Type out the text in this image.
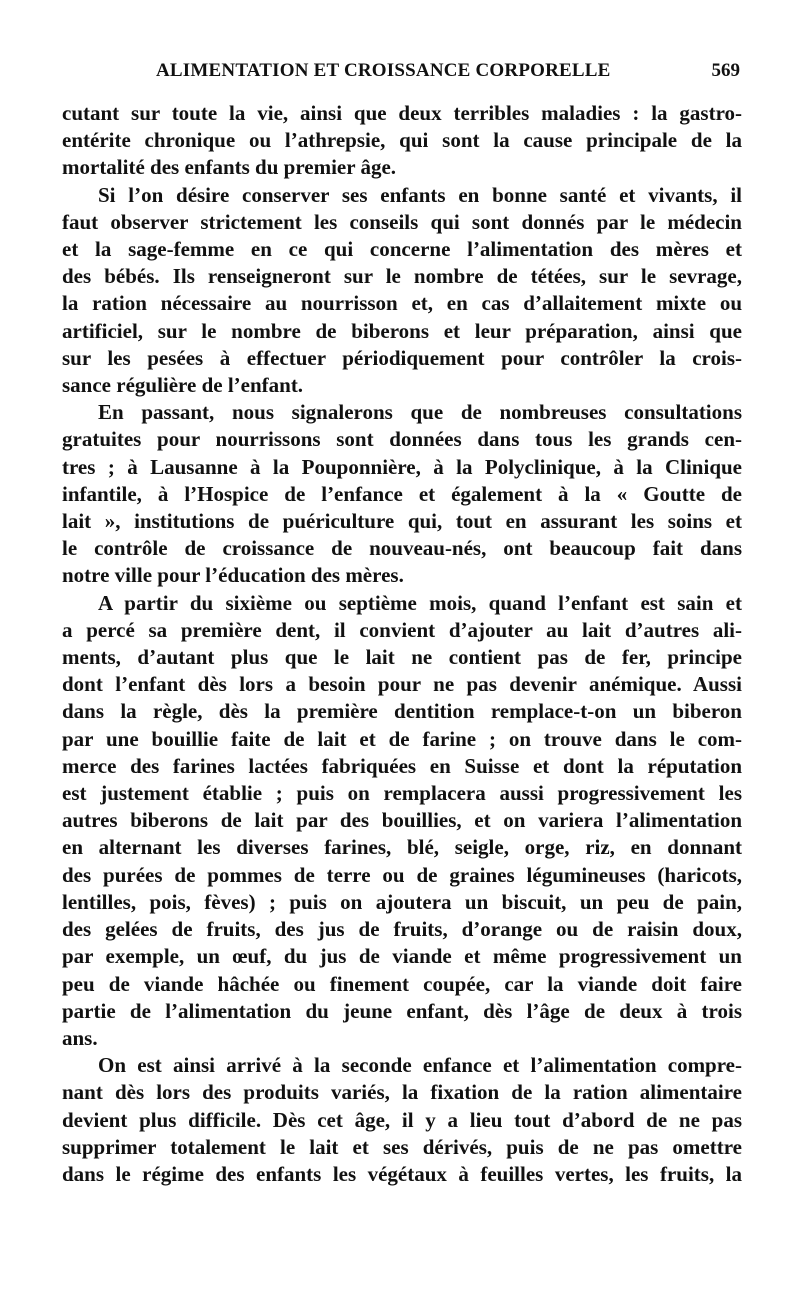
ALIMENTATION ET CROISSANCE CORPORELLE	569
cutant sur toute la vie, ainsi que deux terribles maladies : la gastro-
entérite chronique ou l’athrepsie, qui sont la cause principale de la
mortalité des enfants du premier âge.
Si l’on désire conserver ses enfants en bonne santé et vivants, il
faut observer strictement les conseils qui sont donnés par le médecin
et la sage-femme en ce qui concerne l’alimentation des mères et
des bébés. Ils renseigneront sur le nombre de tétées, sur le sevrage,
la ration nécessaire au nourrisson et, en cas d’allaitement mixte ou
artificiel, sur le nombre de biberons et leur préparation, ainsi que
sur les pesées à effectuer périodiquement pour contrôler la crois-
sance régulière de l’enfant.
En passant, nous signalerons que de nombreuses consultations
gratuites pour nourrissons sont données dans tous les grands cen-
tres ; à Lausanne à la Pouponnière, à la Polyclinique, à la Clinique
infantile, à l’Hospice de l’enfance et également à la « Goutte de
lait », institutions de puériculture qui, tout en assurant les soins et
le contrôle de croissance de nouveau-nés, ont beaucoup fait dans
notre ville pour l’éducation des mères.
A partir du sixième ou septième mois, quand l’enfant est sain et
a percé sa première dent, il convient d’ajouter au lait d’autres ali-
ments, d’autant plus que le lait ne contient pas de fer, principe
dont l’enfant dès lors a besoin pour ne pas devenir anémique. Aussi
dans la règle, dès la première dentition remplace-t-on un biberon
par une bouillie faite de lait et de farine ; on trouve dans le com-
merce des farines lactées fabriquées en Suisse et dont la réputation
est justement établie ; puis on remplacera aussi progressivement les
autres biberons de lait par des bouillies, et on variera l’alimentation
en alternant les diverses farines, blé, seigle, orge, riz, en donnant
des purées de pommes de terre ou de graines légumineuses (haricots,
lentilles, pois, fèves) ; puis on ajoutera un biscuit, un peu de pain,
des gelées de fruits, des jus de fruits, d’orange ou de raisin doux,
par exemple, un œuf, du jus de viande et même progressivement un
peu de viande hâchée ou finement coupée, car la viande doit faire
partie de l’alimentation du jeune enfant, dès l’âge de deux à trois
ans.
On est ainsi arrivé à la seconde enfance et l’alimentation compre-
nant dès lors des produits variés, la fixation de la ration alimentaire
devient plus difficile. Dès cet âge, il y a lieu tout d’abord de ne pas
supprimer totalement le lait et ses dérivés, puis de ne pas omettre
dans le régime des enfants les végétaux à feuilles vertes, les fruits, la
